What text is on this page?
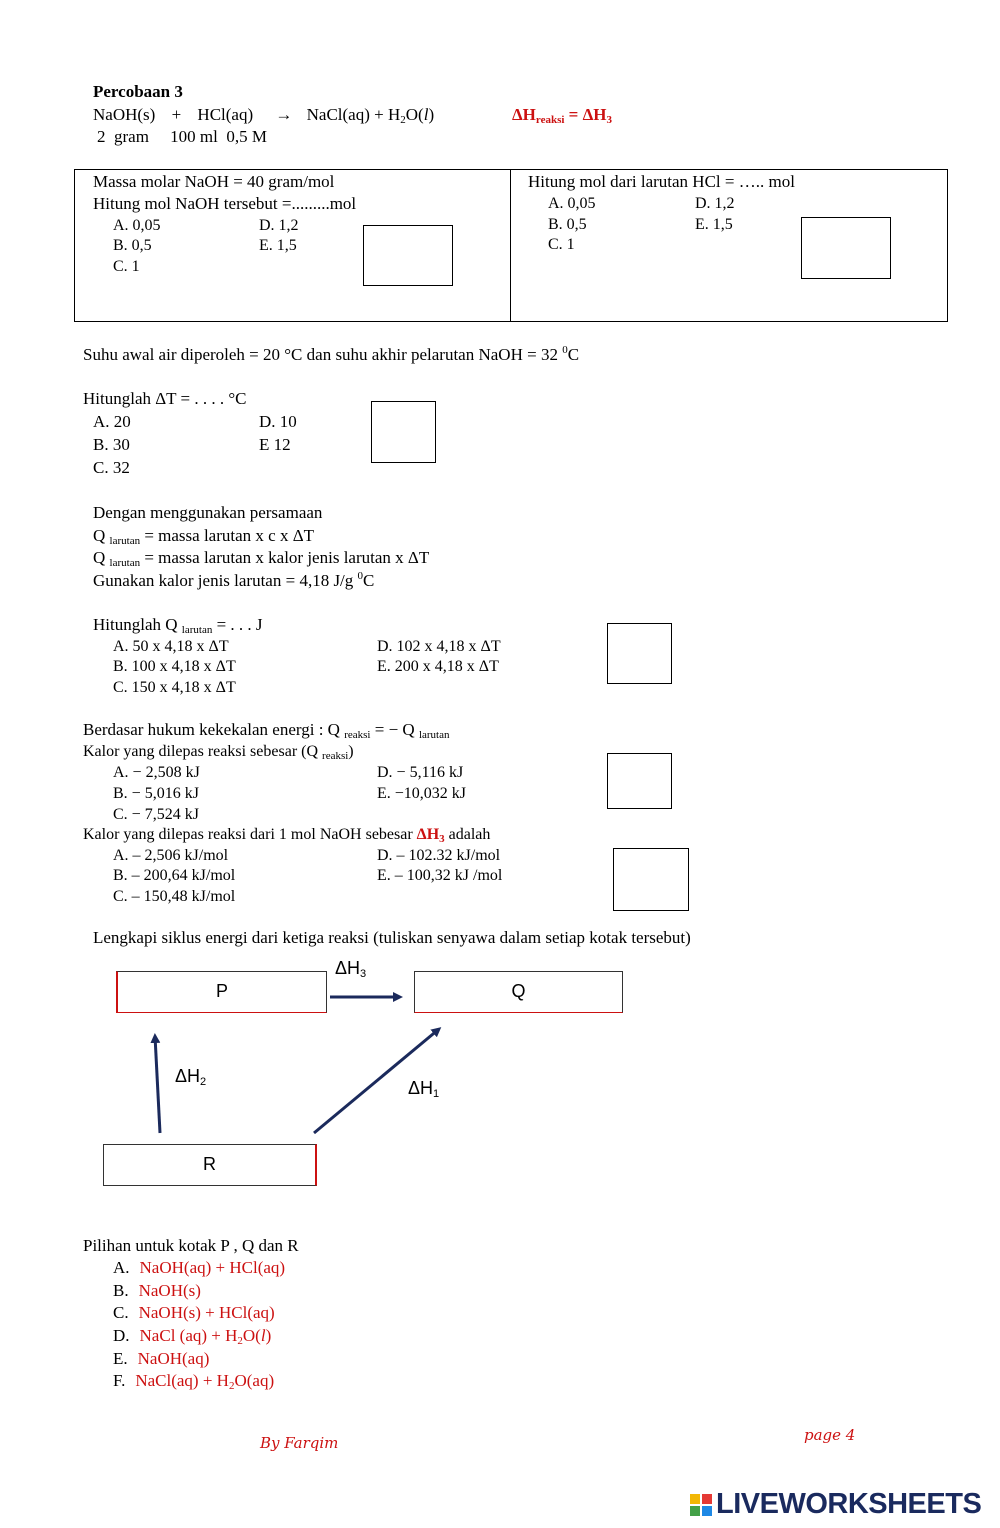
Percobaan 3
NaOH(s) + HCl(aq) → NaCl(aq) + $H_2O(l)$	$\Delta H_{reaksi} = \Delta H_3$
2  gram     100 ml  0,5 M
Massa molar NaOH = 40 gram/mol
Hitung mol NaOH tersebut =.........mol
A. 0,05
B. 0,5
C. 1
D. 1,2
E. 1,5
Hitung mol dari larutan HCl = ….. mol
A. 0,05
B. 0,5
C. 1
D. 1,2
E. 1,5
Suhu awal air diperoleh = 20 °C dan suhu akhir pelarutan NaOH = 32 $^0$C
Hitunglah ΔT = . . . . °C
A. 20
B. 30
C. 32
D. 10
E 12
Dengan menggunakan persamaan
Q $_{larutan}$ = massa larutan x c x ΔT
Q $_{larutan}$ = massa larutan x kalor jenis larutan x ΔT
Gunakan kalor jenis larutan = 4,18 J/g $^0$C
Hitunglah Q $_{larutan}$ = . . . J
A. 50 x 4,18 x ΔT
B. 100 x 4,18 x ΔT
C. 150 x 4,18 x ΔT
D. 102 x 4,18 x ΔT
E. 200 x 4,18 x ΔT
Berdasar hukum kekekalan energi : Q $_{reaksi}$ = − Q $_{larutan}$
Kalor yang dilepas reaksi sebesar (Q $_{reaksi}$)
A. − 2,508 kJ
B. − 5,016 kJ
C. − 7,524 kJ
D. − 5,116 kJ
E. −10,032 kJ
Kalor yang dilepas reaksi dari 1 mol NaOH sebesar $\Delta H_3$ adalah
A. – 2,506 kJ/mol
B. – 200,64 kJ/mol
C. – 150,48 kJ/mol
D. – 102.32 kJ/mol
E. – 100,32 kJ /mol
Lengkapi siklus energi dari ketiga reaksi (tuliskan senyawa dalam setiap kotak tersebut)
P	Q
R
$\Delta H_3$
$\Delta H_2$	$\Delta H_1$
Pilihan untuk kotak P , Q dan R
A. NaOH(aq) + HCl(aq)
B. NaOH(s)
C. NaOH(s) + HCl(aq)
D. NaCl $(aq) + H_2O(l)$
E. NaOH(aq)
F. NaCl(aq) + $H_2O(aq)$
By Farqim	page 4
LIVEWORKSHEETS
